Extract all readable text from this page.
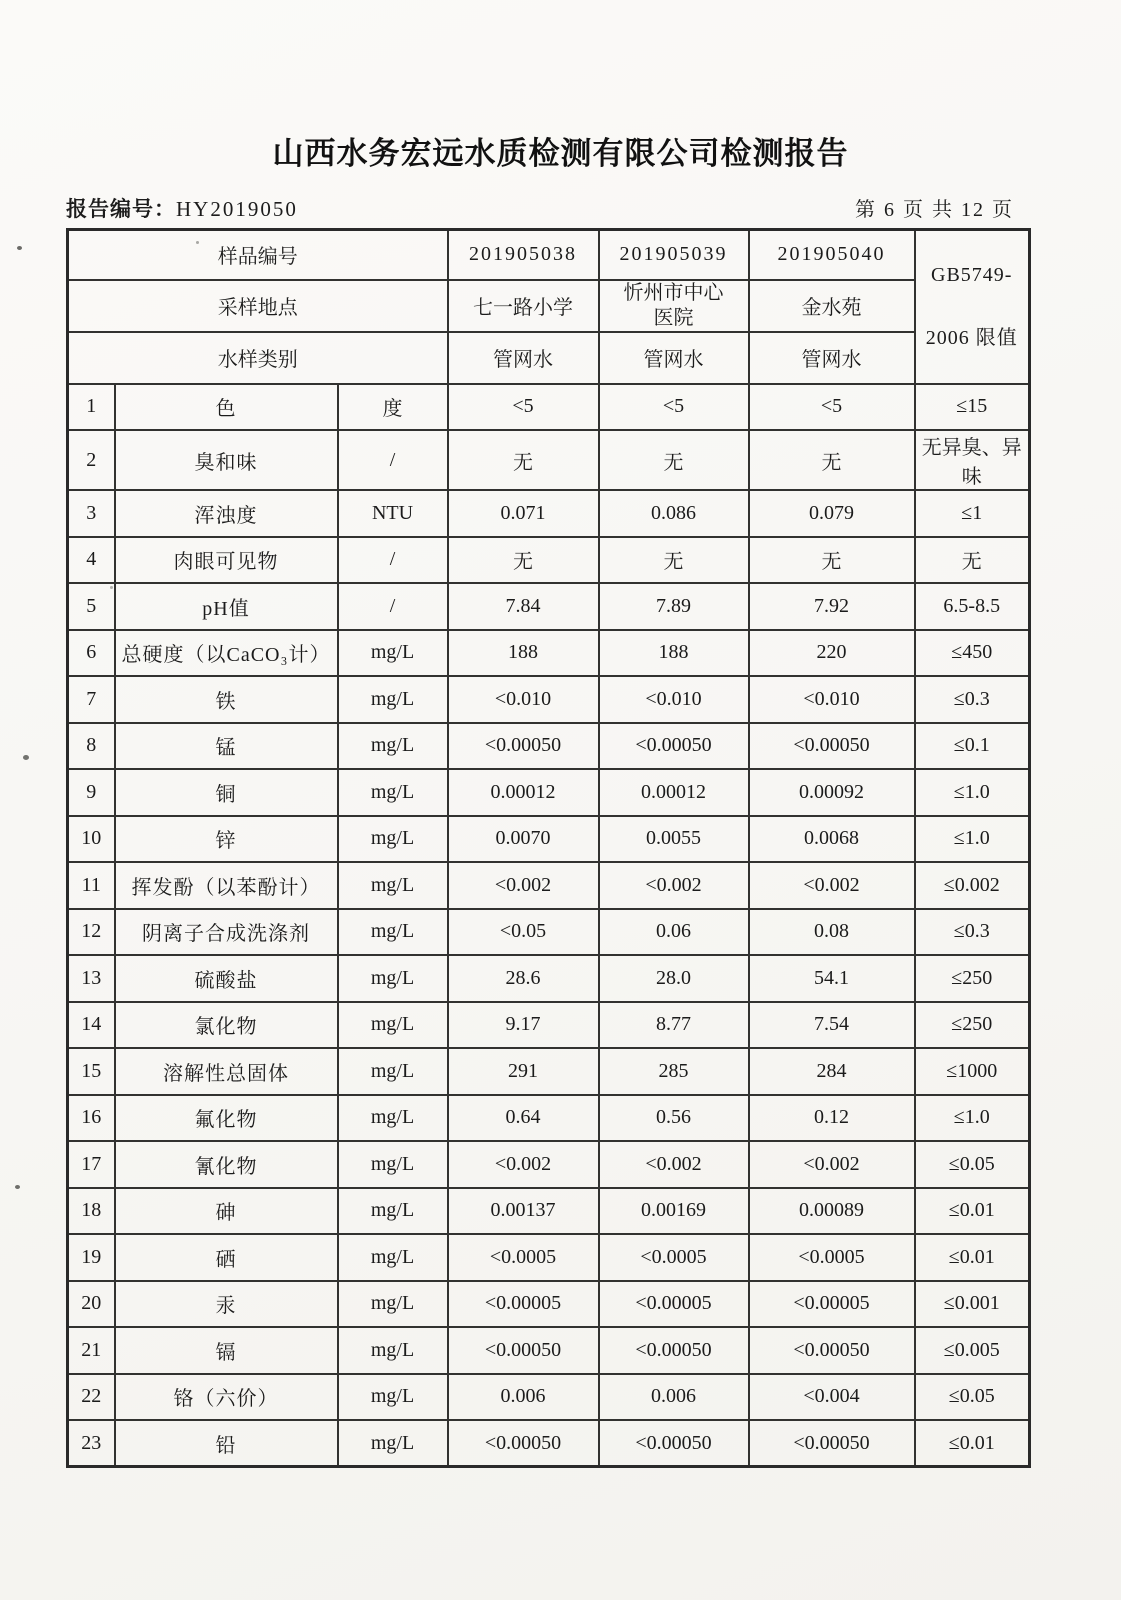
山西水务宏远水质检测有限公司检测报告
报告编号：HY2019050	第 6 页 共 12 页
样品编号			201905038	201905039	201905040	GB5749-
2006 限值

采样地点			七一路小学	忻州市中心医院	金水苑	
水样类别			管网水	管网水	管网水	
1	色	度	<5	<5	<5	≤15
2	臭和味	/	无	无	无	无异臭、异味
3	浑浊度	NTU	0.071	0.086	0.079	≤1
4	肉眼可见物	/	无	无	无	无
5	pH值	/	7.84	7.89	7.92	6.5-8.5
6	总硬度（以CaCO₃计）	mg/L	188	188	220	≤450
7	铁	mg/L	<0.010	<0.010	<0.010	≤0.3
8	锰	mg/L	<0.00050	<0.00050	<0.00050	≤0.1
9	铜	mg/L	0.00012	0.00012	0.00092	≤1.0
10	锌	mg/L	0.0070	0.0055	0.0068	≤1.0
11	挥发酚（以苯酚计）	mg/L	<0.002	<0.002	<0.002	≤0.002
12	阴离子合成洗涤剂	mg/L	<0.05	0.06	0.08	≤0.3
13	硫酸盐	mg/L	28.6	28.0	54.1	≤250
14	氯化物	mg/L	9.17	8.77	7.54	≤250
15	溶解性总固体	mg/L	291	285	284	≤1000
16	氟化物	mg/L	0.64	0.56	0.12	≤1.0
17	氰化物	mg/L	<0.002	<0.002	<0.002	≤0.05
18	砷	mg/L	0.00137	0.00169	0.00089	≤0.01
19	硒	mg/L	<0.0005	<0.0005	<0.0005	≤0.01
20	汞	mg/L	<0.00005	<0.00005	<0.00005	≤0.001
21	镉	mg/L	<0.00050	<0.00050	<0.00050	≤0.005
22	铬（六价）	mg/L	0.006	0.006	<0.004	≤0.05
23	铅	mg/L	<0.00050	<0.00050	<0.00050	≤0.01
